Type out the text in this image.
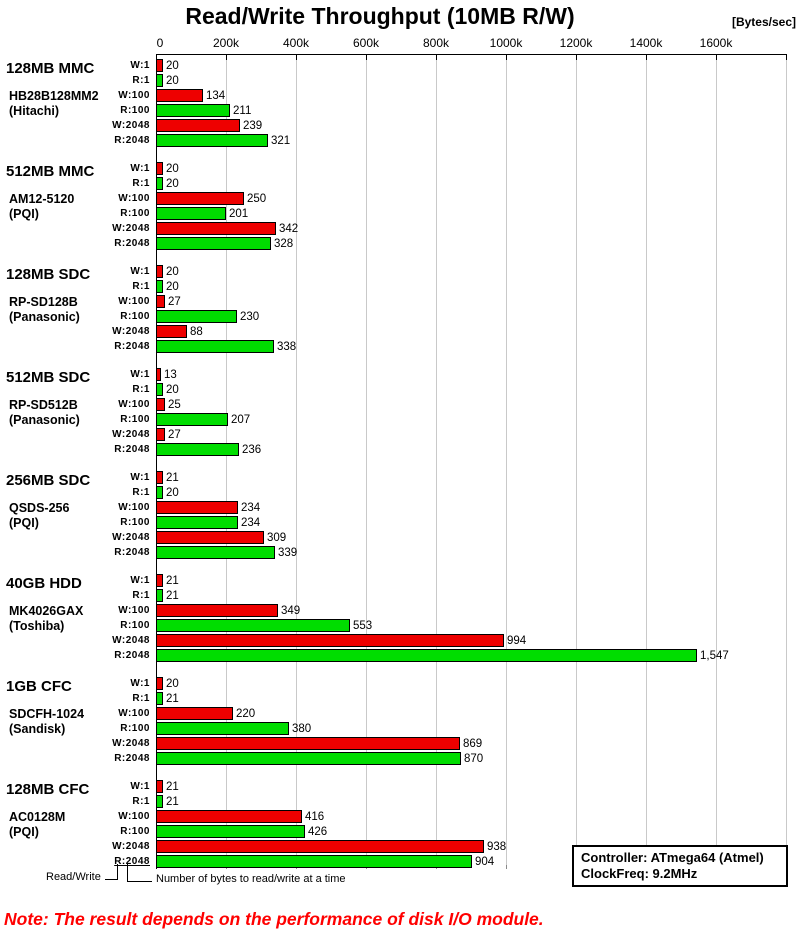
Read/Write Throughput (10MB R/W)	[Bytes/sec]
0	200k	400k	600k	800k	1000k	1200k	1400k	1600k
128MB MMC
HB28B128MM2
(Hitachi)
W:1	20
R:1	20
W:100	134
R:100	211
W:2048	239
R:2048	321
512MB MMC
AM12-5120
(PQI)
W:1	20
R:1	20
W:100	250
R:100	201
W:2048	342
R:2048	328
128MB SDC
RP-SD128B
(Panasonic)
W:1	20
R:1	20
W:100	27
R:100	230
W:2048	88
R:2048	338
512MB SDC
RP-SD512B
(Panasonic)
W:1	13
R:1	20
W:100	25
R:100	207
W:2048	27
R:2048	236
256MB SDC
QSDS-256
(PQI)
W:1	21
R:1	20
W:100	234
R:100	234
W:2048	309
R:2048	339
40GB HDD
MK4026GAX
(Toshiba)
W:1	21
R:1	21
W:100	349
R:100	553
W:2048	994
R:2048	1,547
1GB CFC
SDCFH-1024
(Sandisk)
W:1	20
R:1	21
W:100	220
R:100	380
W:2048	869
R:2048	870
128MB CFC
AC0128M
(PQI)
W:1	21
R:1	21
W:100	416
R:100	426
W:2048	938
R:2048	904
Read/Write	Number of bytes to read/write at a time
Controller: ATmega64 (Atmel)
ClockFreq: 9.2MHz
Note: The result depends on the performance of disk I/O module.
